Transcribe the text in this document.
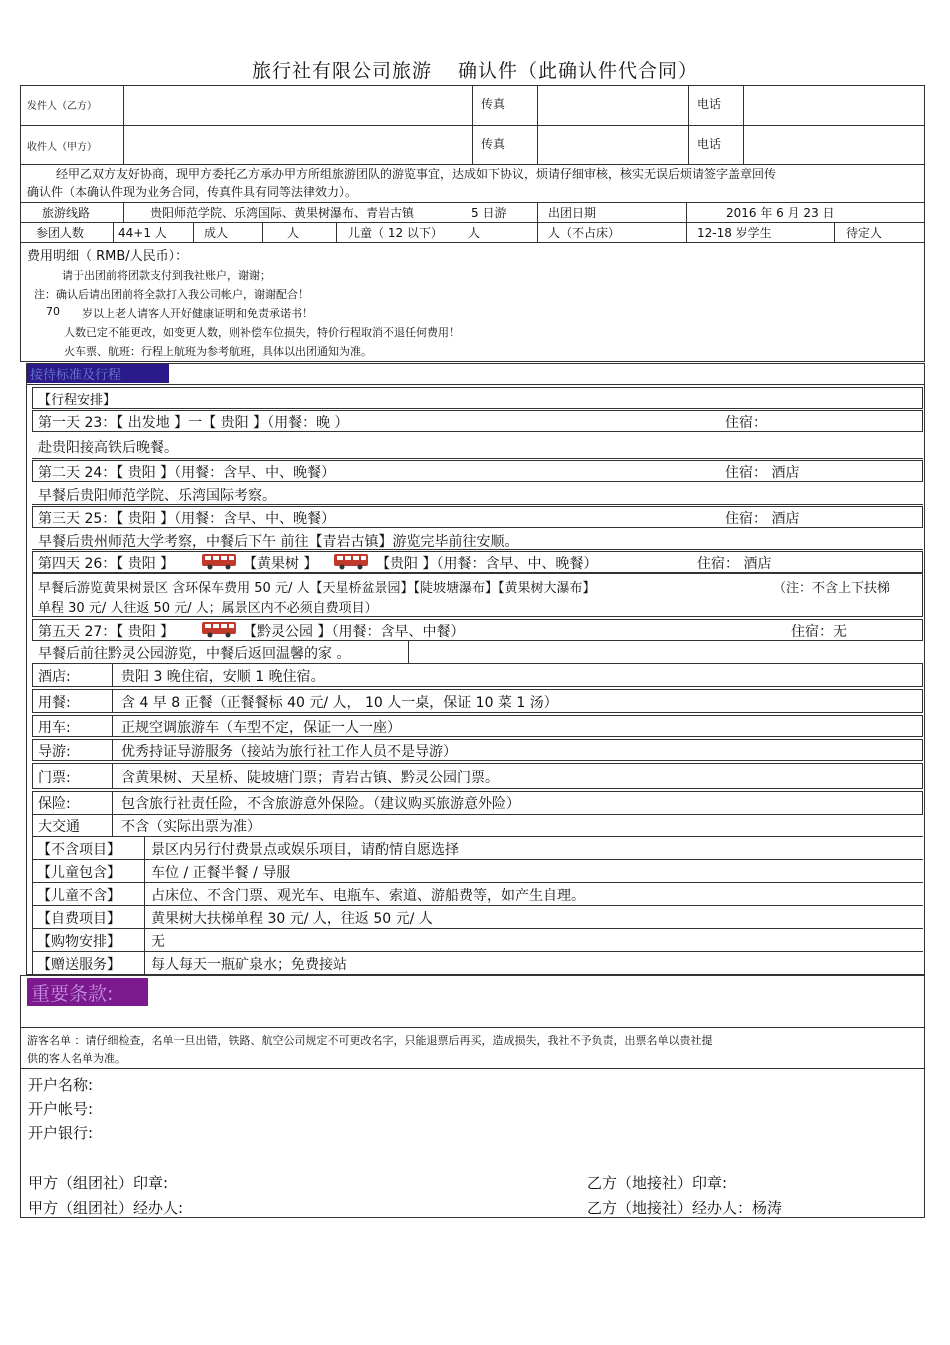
旅行社有限公司旅游 确认件（此确认件代合同）
发件人（乙方）	传真	电话
收件人（甲方）	传真	电话
经甲乙双方友好协商，现甲方委托乙方承办甲方所组旅游团队的游览事宜，达成如下协议，烦请仔细审核，核实无误后烦请签字盖章回传
确认件（本确认件现为业务合同，传真件具有同等法律效力）。
旅游线路	贵阳师范学院、乐湾国际、黄果树瀑布、青岩古镇	5 日游	出团日期	2016 年 6 月 23 日
参团人数	44+1 人	成人	人	儿童（ 12 以下） 人	人（不占床）	12-18 岁学生	待定人
费用明细（ RMB/人民币）：
请于出团前将团款支付到我社账户，谢谢；
注：确认后请出团前将全款打入我公司帐户，谢谢配合！
70 岁以上老人请客人开好健康证明和免责承诺书！
人数已定不能更改，如变更人数，则补偿车位损失，特价行程取消不退任何费用！
火车票、航班：行程上航班为参考航班，具体以出团通知为准。
接待标准及行程
【行程安排】
第一天 23：【 出发地 】一【 贵阳 】（用餐：晚 ）	住宿：
赴贵阳接高铁后晚餐。
第二天 24：【 贵阳 】（用餐：含早、中、晚餐）	住宿： 酒店
早餐后贵阳师范学院、乐湾国际考察。
第三天 25：【 贵阳 】（用餐：含早、中、晚餐）	住宿： 酒店
早餐后贵州师范大学考察，中餐后下午 前往【青岩古镇】游览完毕前往安顺。
第四天 26：【 贵阳 】	【黄果树 】	【贵阳 】（用餐：含早、中、晚餐）	住宿： 酒店
早餐后游览黄果树景区 含环保车费用 50 元/ 人【天星桥盆景园】【陡坡塘瀑布】【黄果树大瀑布】	（注：不含上下扶梯
单程 30 元/ 人往返 50 元/ 人；属景区内不必须自费项目）
第五天 27：【 贵阳 】	【黔灵公园 】（用餐：含早、中餐）	住宿：无
早餐后前往黔灵公园游览，中餐后返回温馨的家 。
酒店:	贵阳 3 晚住宿，安顺 1 晚住宿。
用餐:	含 4 早 8 正餐（正餐餐标 40 元/ 人， 10 人一桌，保证 10 菜 1 汤）
用车:	正规空调旅游车（车型不定，保证一人一座）
导游:	优秀持证导游服务（接站为旅行社工作人员不是导游）
门票:	含黄果树、天星桥、陡坡塘门票；青岩古镇、黔灵公园门票。
保险:	包含旅行社责任险，不含旅游意外保险。（建议购买旅游意外险）
大交通	不含（实际出票为准）
【不含项目】 景区内另行付费景点或娱乐项目，请酌情自愿选择
【儿童包含】 车位 / 正餐半餐 / 导服
【儿童不含】 占床位、不含门票、观光车、电瓶车、索道、游船费等，如产生自理。
【自费项目】 黄果树大扶梯单程 30 元/ 人，往返 50 元/ 人
【购物安排】 无
【赠送服务】 每人每天一瓶矿泉水；免费接站
重要条款:
游客名单 ：请仔细检查，名单一旦出错，铁路、航空公司规定不可更改名字，只能退票后再买，造成损失，我社不予负责，出票名单以贵社提
供的客人名单为准。
开户名称:
开户帐号:
开户银行:
甲方（组团社）印章:
甲方（组团社）经办人:
乙方（地接社）印章:
乙方（地接社）经办人：杨涛
